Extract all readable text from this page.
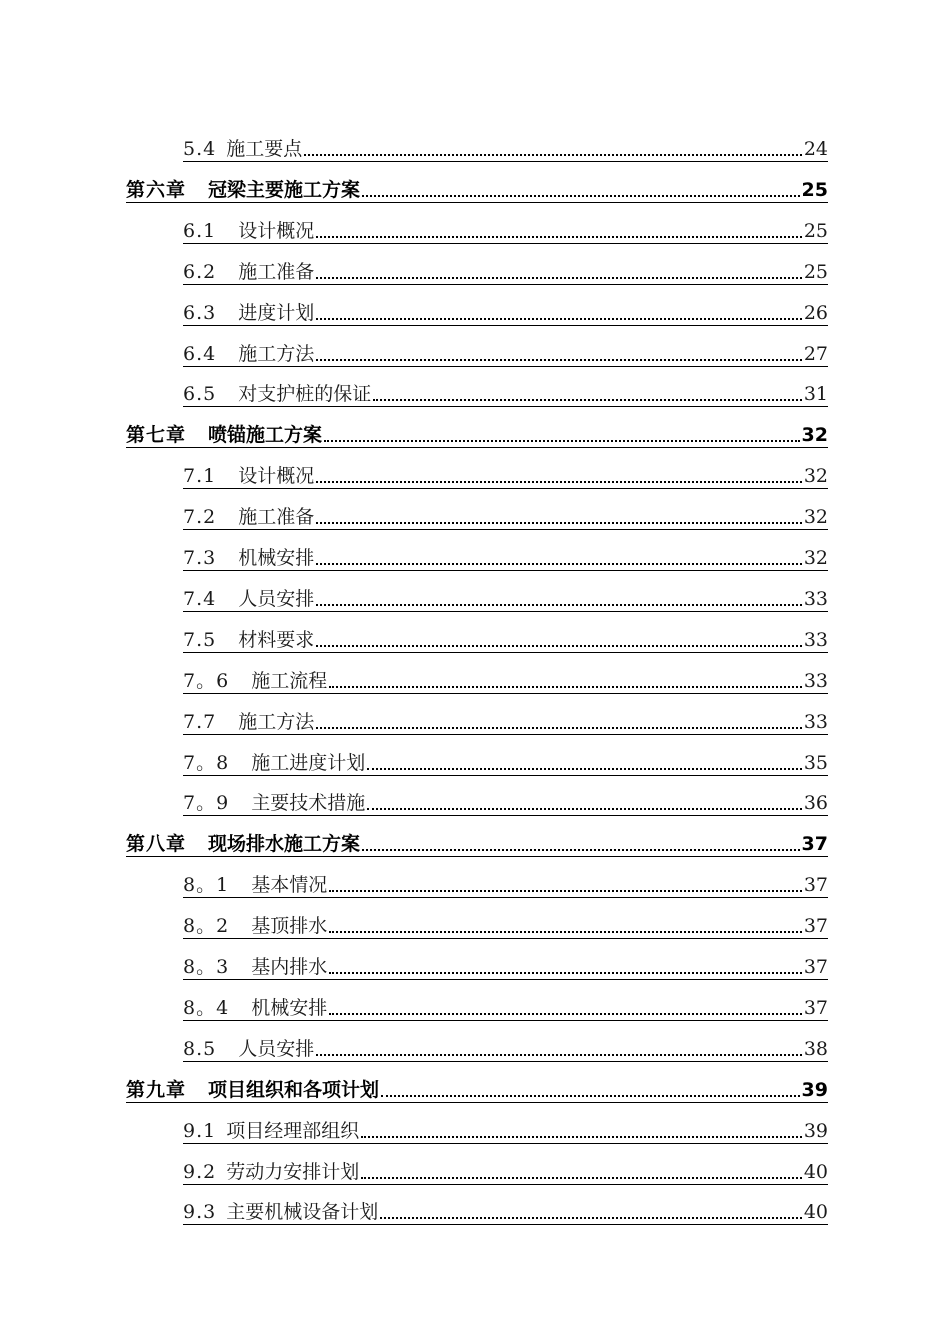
5.4 施工要点	24
第六章 冠梁主要施工方案	25
6.1 设计概况	25
6.2 施工准备	25
6.3 进度计划	26
6.4 施工方法	27
6.5 对支护桩的保证	31
第七章 喷锚施工方案	32
7.1 设计概况	32
7.2 施工准备	32
7.3 机械安排	32
7.4 人员安排	33
7.5 材料要求	33
7。6 施工流程	33
7.7 施工方法	33
7。8 施工进度计划	35
7。9 主要技术措施	36
第八章 现场排水施工方案	37
8。1 基本情况	37
8。2 基顶排水	37
8。3 基内排水	37
8。4 机械安排	37
8.5 人员安排	38
第九章 项目组织和各项计划	39
9.1 项目经理部组织	39
9.2 劳动力安排计划	40
9.3 主要机械设备计划	40
